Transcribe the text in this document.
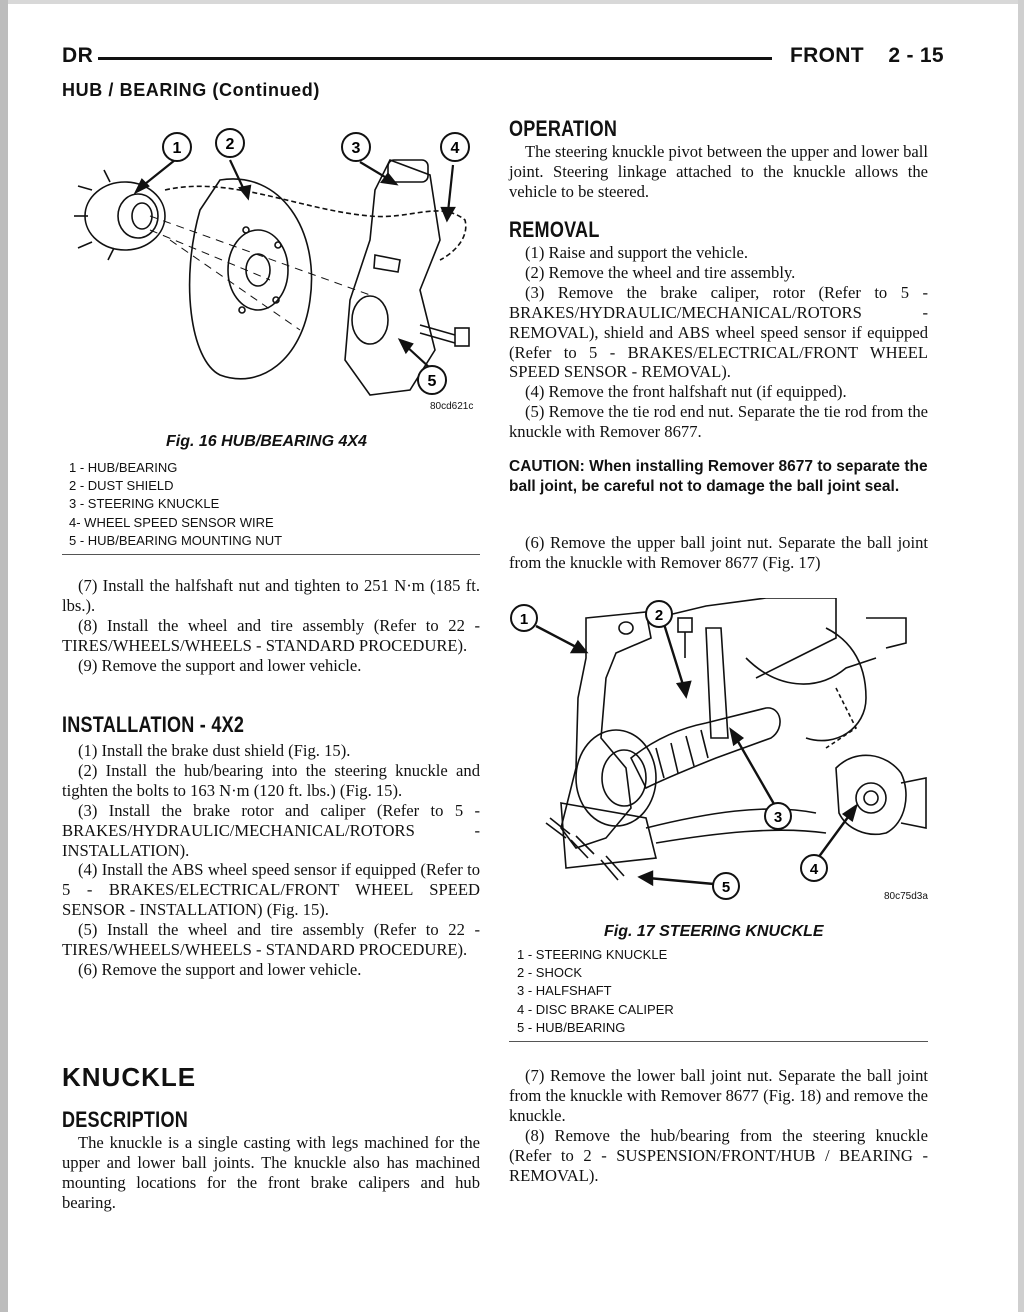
DR	FRONT    2 - 15
HUB / BEARING (Continued)
1	2	3	4
5
80cd621c
Fig. 16 HUB/BEARING 4X4
1 - HUB/BEARING
2 - DUST SHIELD
3 - STEERING KNUCKLE
4- WHEEL SPEED SENSOR WIRE
5 - HUB/BEARING MOUNTING NUT

(7) Install the halfshaft nut and tighten to 251 N·m (185 ft. lbs.).

(8) Install the wheel and tire assembly (Refer to 22 - TIRES/WHEELS/WHEELS - STANDARD PROCEDURE).

(9) Remove the support and lower vehicle.

INSTALLATION - 4X2

(1) Install the brake dust shield (Fig. 15).

(2) Install the hub/bearing into the steering knuckle and tighten the bolts to 163 N·m (120 ft. lbs.) (Fig. 15).

(3) Install the brake rotor and caliper (Refer to 5 - BRAKES/HYDRAULIC/MECHANICAL/ROTORS - INSTALLATION).

(4) Install the ABS wheel speed sensor if equipped (Refer to 5 - BRAKES/ELECTRICAL/FRONT WHEEL SPEED SENSOR - INSTALLATION) (Fig. 15).

(5) Install the wheel and tire assembly (Refer to 22 - TIRES/WHEELS/WHEELS - STANDARD PROCEDURE).

(6) Remove the support and lower vehicle.

KNUCKLE
DESCRIPTION

The knuckle is a single casting with legs machined for the upper and lower ball joints. The knuckle also has machined mounting locations for the front brake calipers and hub bearing.

OPERATION

The steering knuckle pivot between the upper and lower ball joint. Steering linkage attached to the knuckle allows the vehicle to be steered.

REMOVAL

(1) Raise and support the vehicle.

(2) Remove the wheel and tire assembly.

(3) Remove the brake caliper, rotor (Refer to 5 - BRAKES/HYDRAULIC/MECHANICAL/ROTORS - REMOVAL), shield and ABS wheel speed sensor if equipped (Refer to 5 - BRAKES/ELECTRICAL/FRONT WHEEL SPEED SENSOR - REMOVAL).

(4) Remove the front halfshaft nut (if equipped).

(5) Remove the tie rod end nut. Separate the tie rod from the knuckle with Remover 8677.

CAUTION: When installing Remover 8677 to separate the ball joint, be careful not to damage the ball joint seal.

(6) Remove the upper ball joint nut. Separate the ball joint from the knuckle with Remover 8677 (Fig. 17)

1	2
3
4
5
80c75d3a
Fig. 17 STEERING KNUCKLE
1 - STEERING KNUCKLE
2 - SHOCK
3 - HALFSHAFT
4 - DISC BRAKE CALIPER
5 - HUB/BEARING

(7) Remove the lower ball joint nut. Separate the ball joint from the knuckle with Remover 8677 (Fig. 18) and remove the knuckle.

(8) Remove the hub/bearing from the steering knuckle (Refer to 2 - SUSPENSION/FRONT/HUB / BEARING - REMOVAL).
